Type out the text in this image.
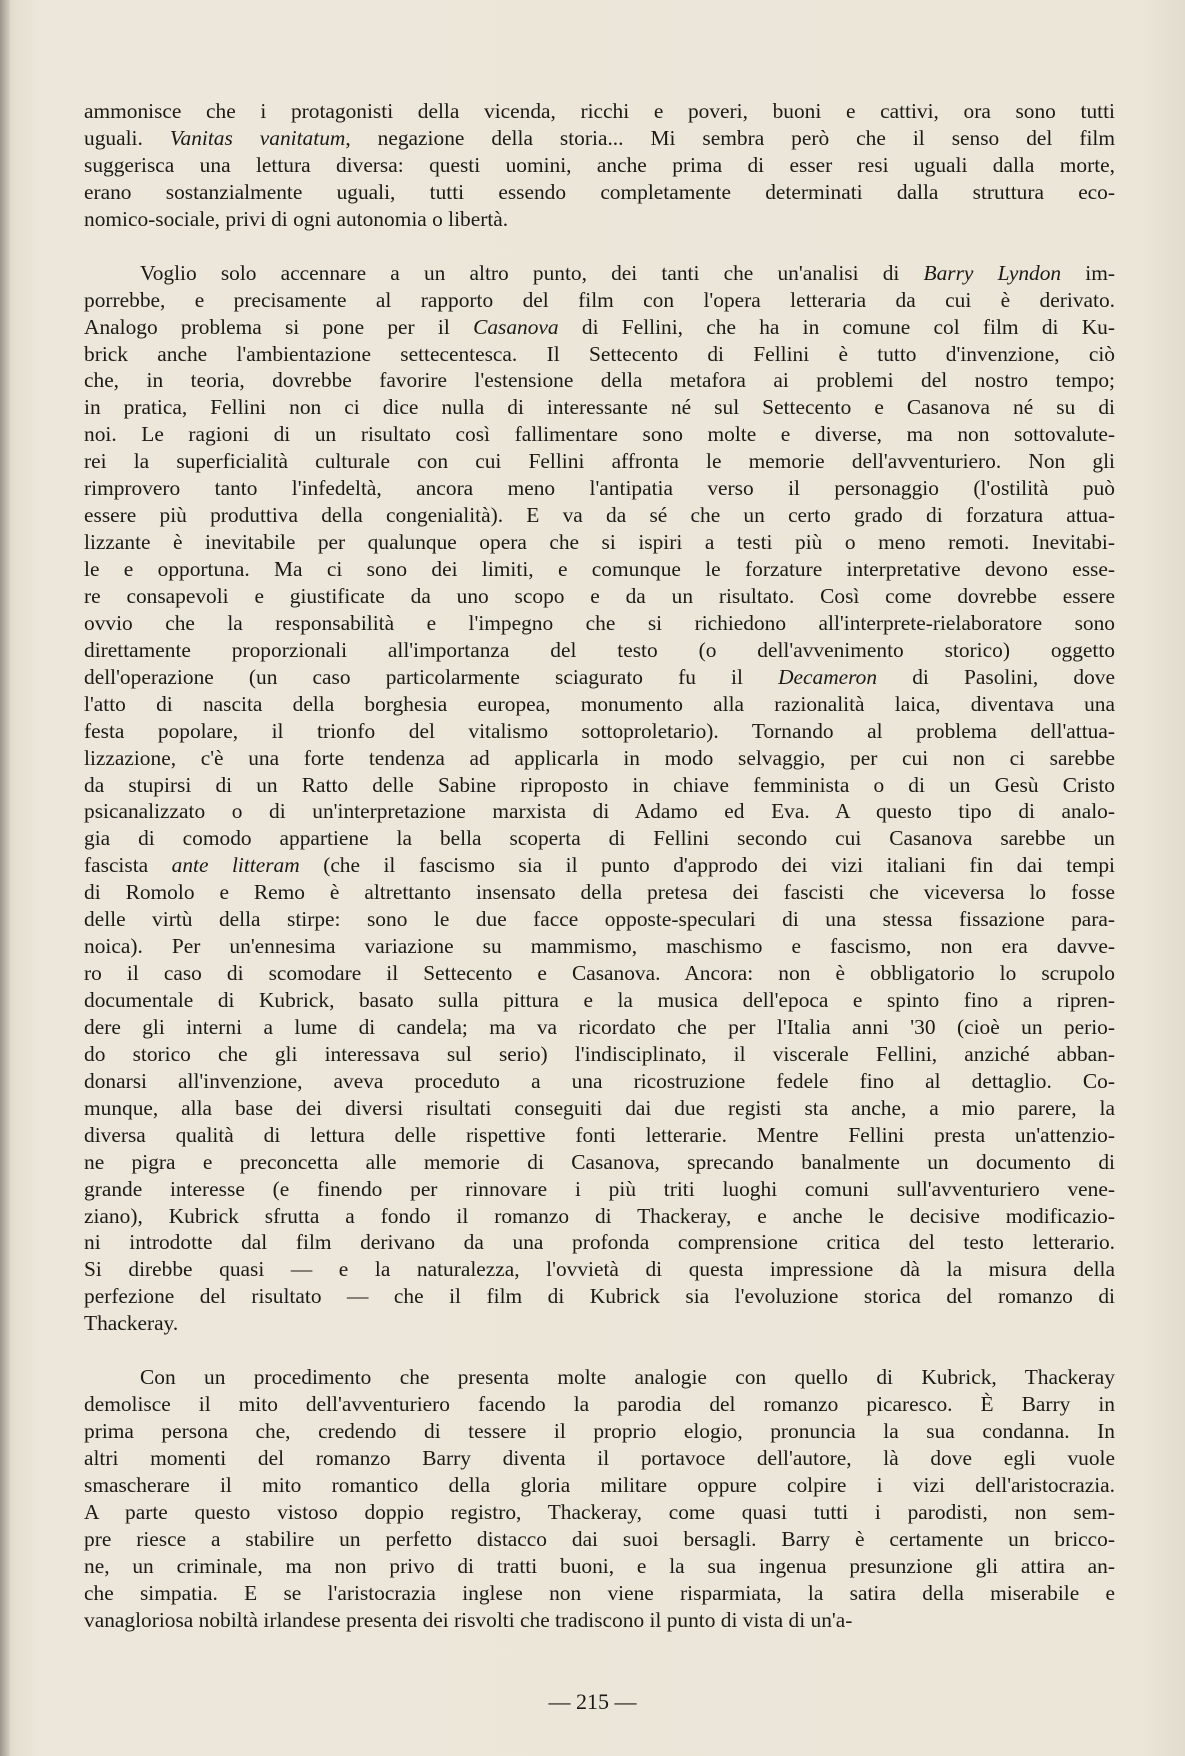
ammonisce che i protagonisti della vicenda, ricchi e poveri, buoni e cattivi, ora sono tutti
uguali. Vanitas vanitatum, negazione della storia... Mi sembra però che il senso del film
suggerisca una lettura diversa: questi uomini, anche prima di esser resi uguali dalla morte,
erano sostanzialmente uguali, tutti essendo completamente determinati dalla struttura eco-
nomico-sociale, privi di ogni autonomia o libertà.
Voglio solo accennare a un altro punto, dei tanti che un'analisi di Barry Lyndon im-
porrebbe, e precisamente al rapporto del film con l'opera letteraria da cui è derivato.
Analogo problema si pone per il Casanova di Fellini, che ha in comune col film di Ku-
brick anche l'ambientazione settecentesca. Il Settecento di Fellini è tutto d'invenzione, ciò
che, in teoria, dovrebbe favorire l'estensione della metafora ai problemi del nostro tempo;
in pratica, Fellini non ci dice nulla di interessante né sul Settecento e Casanova né su di
noi. Le ragioni di un risultato così fallimentare sono molte e diverse, ma non sottovalute-
rei la superficialità culturale con cui Fellini affronta le memorie dell'avventuriero. Non gli
rimprovero tanto l'infedeltà, ancora meno l'antipatia verso il personaggio (l'ostilità può
essere più produttiva della congenialità). E va da sé che un certo grado di forzatura attua-
lizzante è inevitabile per qualunque opera che si ispiri a testi più o meno remoti. Inevitabi-
le e opportuna. Ma ci sono dei limiti, e comunque le forzature interpretative devono esse-
re consapevoli e giustificate da uno scopo e da un risultato. Così come dovrebbe essere
ovvio che la responsabilità e l'impegno che si richiedono all'interprete-rielaboratore sono
direttamente proporzionali all'importanza del testo (o dell'avvenimento storico) oggetto
dell'operazione (un caso particolarmente sciagurato fu il Decameron di Pasolini, dove
l'atto di nascita della borghesia europea, monumento alla razionalità laica, diventava una
festa popolare, il trionfo del vitalismo sottoproletario). Tornando al problema dell'attua-
lizzazione, c'è una forte tendenza ad applicarla in modo selvaggio, per cui non ci sarebbe
da stupirsi di un Ratto delle Sabine riproposto in chiave femminista o di un Gesù Cristo
psicanalizzato o di un'interpretazione marxista di Adamo ed Eva. A questo tipo di analo-
gia di comodo appartiene la bella scoperta di Fellini secondo cui Casanova sarebbe un
fascista ante litteram (che il fascismo sia il punto d'approdo dei vizi italiani fin dai tempi
di Romolo e Remo è altrettanto insensato della pretesa dei fascisti che viceversa lo fosse
delle virtù della stirpe: sono le due facce opposte-speculari di una stessa fissazione para-
noica). Per un'ennesima variazione su mammismo, maschismo e fascismo, non era davve-
ro il caso di scomodare il Settecento e Casanova. Ancora: non è obbligatorio lo scrupolo
documentale di Kubrick, basato sulla pittura e la musica dell'epoca e spinto fino a ripren-
dere gli interni a lume di candela; ma va ricordato che per l'Italia anni '30 (cioè un perio-
do storico che gli interessava sul serio) l'indisciplinato, il viscerale Fellini, anziché abban-
donarsi all'invenzione, aveva proceduto a una ricostruzione fedele fino al dettaglio. Co-
munque, alla base dei diversi risultati conseguiti dai due registi sta anche, a mio parere, la
diversa qualità di lettura delle rispettive fonti letterarie. Mentre Fellini presta un'attenzio-
ne pigra e preconcetta alle memorie di Casanova, sprecando banalmente un documento di
grande interesse (e finendo per rinnovare i più triti luoghi comuni sull'avventuriero vene-
ziano), Kubrick sfrutta a fondo il romanzo di Thackeray, e anche le decisive modificazio-
ni introdotte dal film derivano da una profonda comprensione critica del testo letterario.
Si direbbe quasi — e la naturalezza, l'ovvietà di questa impressione dà la misura della
perfezione del risultato — che il film di Kubrick sia l'evoluzione storica del romanzo di
Thackeray.
Con un procedimento che presenta molte analogie con quello di Kubrick, Thackeray
demolisce il mito dell'avventuriero facendo la parodia del romanzo picaresco. È Barry in
prima persona che, credendo di tessere il proprio elogio, pronuncia la sua condanna. In
altri momenti del romanzo Barry diventa il portavoce dell'autore, là dove egli vuole
smascherare il mito romantico della gloria militare oppure colpire i vizi dell'aristocrazia.
A parte questo vistoso doppio registro, Thackeray, come quasi tutti i parodisti, non sem-
pre riesce a stabilire un perfetto distacco dai suoi bersagli. Barry è certamente un bricco-
ne, un criminale, ma non privo di tratti buoni, e la sua ingenua presunzione gli attira an-
che simpatia. E se l'aristocrazia inglese non viene risparmiata, la satira della miserabile e
vanagloriosa nobiltà irlandese presenta dei risvolti che tradiscono il punto di vista di un'a-
— 215 —
